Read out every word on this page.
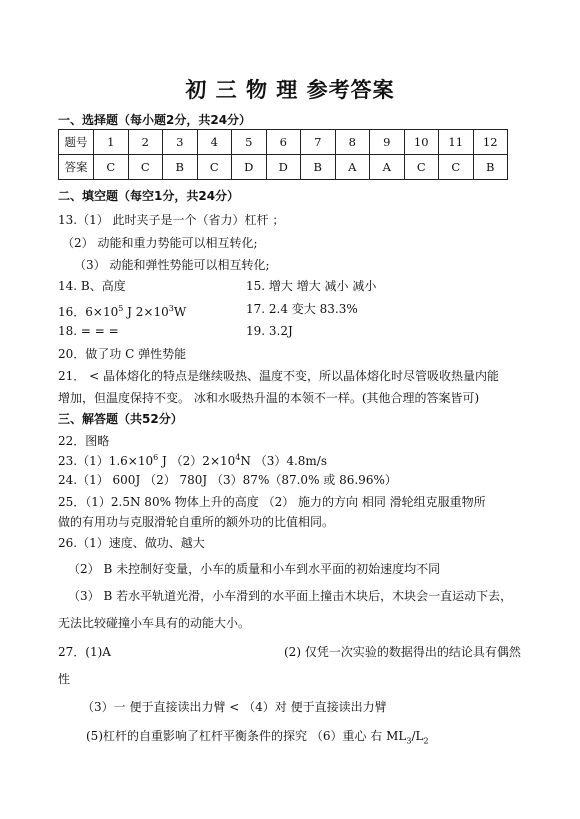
初 三 物 理 参考答案
一、选择题（每小题2分，共24分）
题号	1	2	3	4	5	6	7	8	9	10	11	12
答案	C	C	B	C	D	D	B	A	A	C	C	B
二、填空题（每空1分，共24分）
13.（1） 此时夹子是一个（省力）杠杆 ；
（2） 动能和重力势能可以相互转化;
（3） 动能和弹性势能可以相互转化;
14. B、高度	15. 增大 增大 减小 减小
16．$6\times 10^5$ J $2\times 10^3W$	17. 2.4 变大 83.3%
18. = = =	19. 3.2J
20．做了功 C 弹性势能
21． < 晶体熔化的特点是继续吸热、温度不变，所以晶体熔化时尽管吸收热量内能
增加，但温度保持不变。 冰和水吸热升温的本领不一样。(其他合理的答案皆可)
三、解答题（共52分）
22．图略
$23.(1)1.6\times 10^6$ J $(2)2\times 10^4N$ （3）4.8m/s
24.（1） 600J （2） 780J （3）87%（87.0% 或 86.96%）
25．（1）2.5N 80% 物体上升的高度 （2） 施力的方向 相同 滑轮组克服重物所
做的有用功与克服滑轮自重所的额外功的比值相同。
26.（1）速度、做功、越大
（2） B 未控制好变量，小车的质量和小车到水平面的初始速度均不同
（3） B 若水平轨道光滑，小车滑到的水平面上撞击木块后，木块会一直运动下去，
无法比较碰撞小车具有的动能大小。
27．(1)A	(2) 仅凭一次实验的数据得出的结论具有偶然
性
（3）一 便于直接读出力臂 < （4）对 便于直接读出力臂
(5)杠杆的自重影响了杠杆平衡条件的探究 （6）重心 右 $ML_3/L_2$
